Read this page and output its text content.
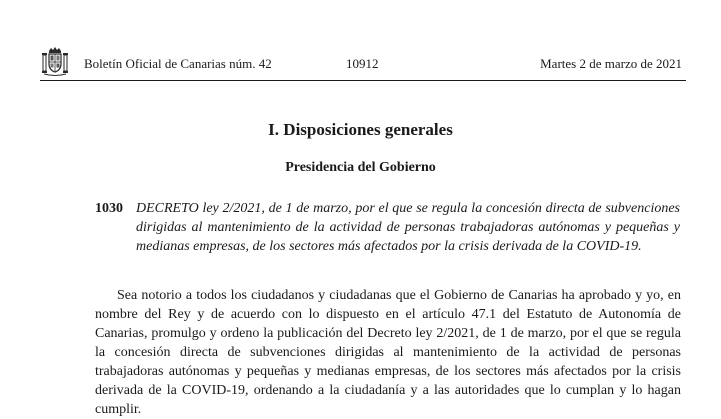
Boletín Oficial de Canarias núm. 42	10912	Martes 2 de marzo de 2021
I. Disposiciones generales
Presidencia del Gobierno
1030 DECRETO ley 2/2021, de 1 de marzo, por el que se regula la concesión directa de subvenciones dirigidas al mantenimiento de la actividad de personas trabajadoras autónomas y pequeñas y medianas empresas, de los sectores más afectados por la crisis derivada de la COVID-19.
Sea notorio a todos los ciudadanos y ciudadanas que el Gobierno de Canarias ha aprobado y yo, en nombre del Rey y de acuerdo con lo dispuesto en el artículo 47.1 del Estatuto de Autonomía de Canarias, promulgo y ordeno la publicación del Decreto ley 2/2021, de 1 de marzo, por el que se regula la concesión directa de subvenciones dirigidas al mantenimiento de la actividad de personas trabajadoras autónomas y pequeñas y medianas empresas, de los sectores más afectados por la crisis derivada de la COVID-19, ordenando a la ciudadanía y a las autoridades que lo cumplan y lo hagan cumplir.
